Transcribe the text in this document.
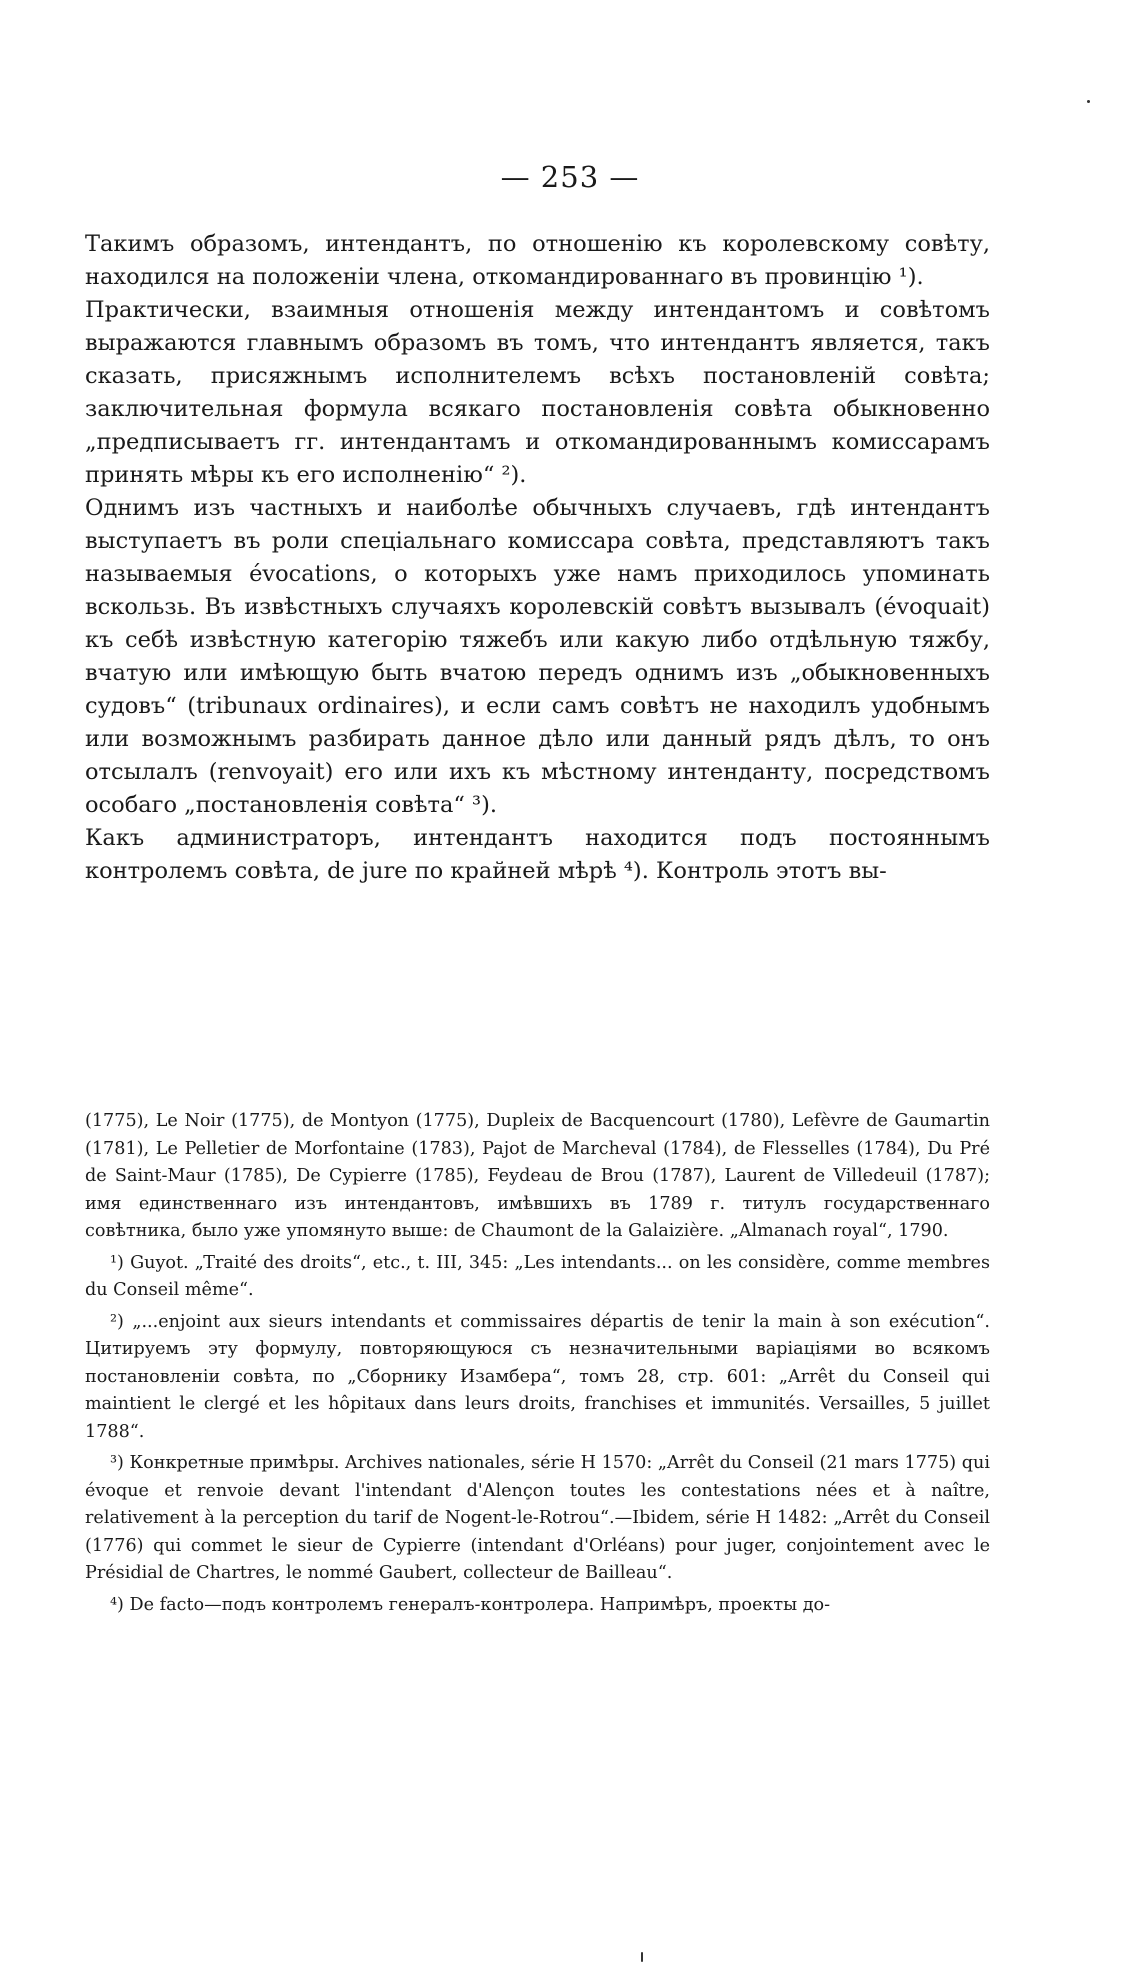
— 253 —

Такимъ образомъ, интендантъ, по отношенію къ королевскому совѣту, находился на положеніи члена, откомандированнаго въ провинцію ¹).

Практически, взаимныя отношенія между интендантомъ и совѣтомъ выражаются главнымъ образомъ въ томъ, что интендантъ является, такъ сказать, присяжнымъ исполнителемъ всѣхъ постановленій совѣта; заключительная формула всякаго постановленія совѣта обыкновенно „предписываетъ гг. интендантамъ и откомандированнымъ комиссарамъ принять мѣры къ его исполненію“ ²).

Однимъ изъ частныхъ и наиболѣе обычныхъ случаевъ, гдѣ интендантъ выступаетъ въ роли спеціальнаго комиссара совѣта, представляютъ такъ называемыя évocations, о которыхъ уже намъ приходилось упоминать вскользь. Въ извѣстныхъ случаяхъ королевскій совѣтъ вызывалъ (évoquait) къ себѣ извѣстную категорію тяжебъ или какую либо отдѣльную тяжбу, вчатую или имѣющую быть вчатою передъ однимъ изъ „обыкновенныхъ судовъ“ (tribunaux ordinaires), и если самъ совѣтъ не находилъ удобнымъ или возможнымъ разбирать данное дѣло или данный рядъ дѣлъ, то онъ отсылалъ (renvoyait) его или ихъ къ мѣстному интенданту, посредствомъ особаго „постановленія совѣта“ ³).

Какъ администраторъ, интендантъ находится подъ постояннымъ контролемъ совѣта, de jure по крайней мѣрѣ ⁴). Контроль этотъ вы-

(1775), Le Noir (1775), de Montyon (1775), Dupleix de Bacquencourt (1780), Lefèvre de Gaumartin (1781), Le Pelletier de Morfontaine (1783), Pajot de Marcheval (1784), de Flesselles (1784), Du Pré de Saint-Maur (1785), De Cypierre (1785), Feydeau de Brou (1787), Laurent de Villedeuil (1787); имя единственнаго изъ интендантовъ, имѣвшихъ въ 1789 г. титулъ государственнаго совѣтника, было уже упомянуто выше: de Chaumont de la Galaizière. „Almanach royal“, 1790.

¹) Guyot. „Traité des droits“, etc., t. III, 345: „Les intendants... on les considère, comme membres du Conseil même“.

²) „...enjoint aux sieurs intendants et commissaires départis de tenir la main à son exécution“. Цитируемъ эту формулу, повторяющуюся съ незначительными варіаціями во всякомъ постановленіи совѣта, по „Сборнику Изамбера“, томъ 28, стр. 601: „Arrêt du Conseil qui maintient le clergé et les hôpitaux dans leurs droits, franchises et immunités. Versailles, 5 juillet 1788“.

³) Конкретные примѣры. Archives nationales, série H 1570: „Arrêt du Conseil (21 mars 1775) qui évoque et renvoie devant l'intendant d'Alençon toutes les contestations nées et à naître, relativement à la perception du tarif de Nogent-le-Rotrou“.—Ibidem, série H 1482: „Arrêt du Conseil (1776) qui commet le sieur de Cypierre (intendant d'Orléans) pour juger, conjointement avec le Présidial de Chartres, le nommé Gaubert, collecteur de Bailleau“.

⁴) De facto—подъ контролемъ генералъ-контролера. Напримѣръ, проекты до-
